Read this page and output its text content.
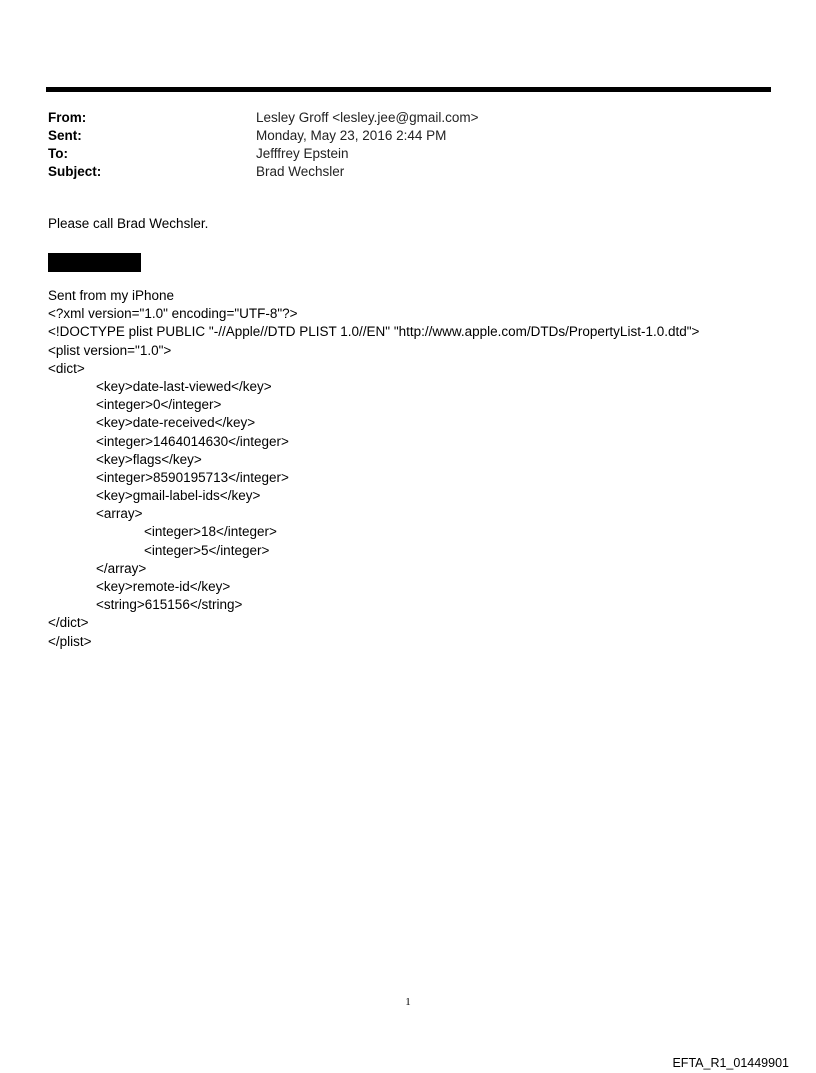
From:	Lesley Groff <lesley.jee@gmail.com>
Sent:	Monday, May 23, 2016 2:44 PM
To:	Jefffrey Epstein
Subject:	Brad Wechsler
Please call Brad Wechsler.
Sent from my iPhone
<?xml version="1.0" encoding="UTF-8"?>
<!DOCTYPE plist PUBLIC "-//Apple//DTD PLIST 1.0//EN" "http://www.apple.com/DTDs/PropertyList-1.0.dtd">
<plist version="1.0">
<dict>
<key>date-last-viewed</key>
<integer>0</integer>
<key>date-received</key>
<integer>1464014630</integer>
<key>flags</key>
<integer>8590195713</integer>
<key>gmail-label-ids</key>
<array>
<integer>18</integer>
<integer>5</integer>
</array>
<key>remote-id</key>
<string>615156</string>
</dict>
</plist>
1
EFTA_R1_01449901
